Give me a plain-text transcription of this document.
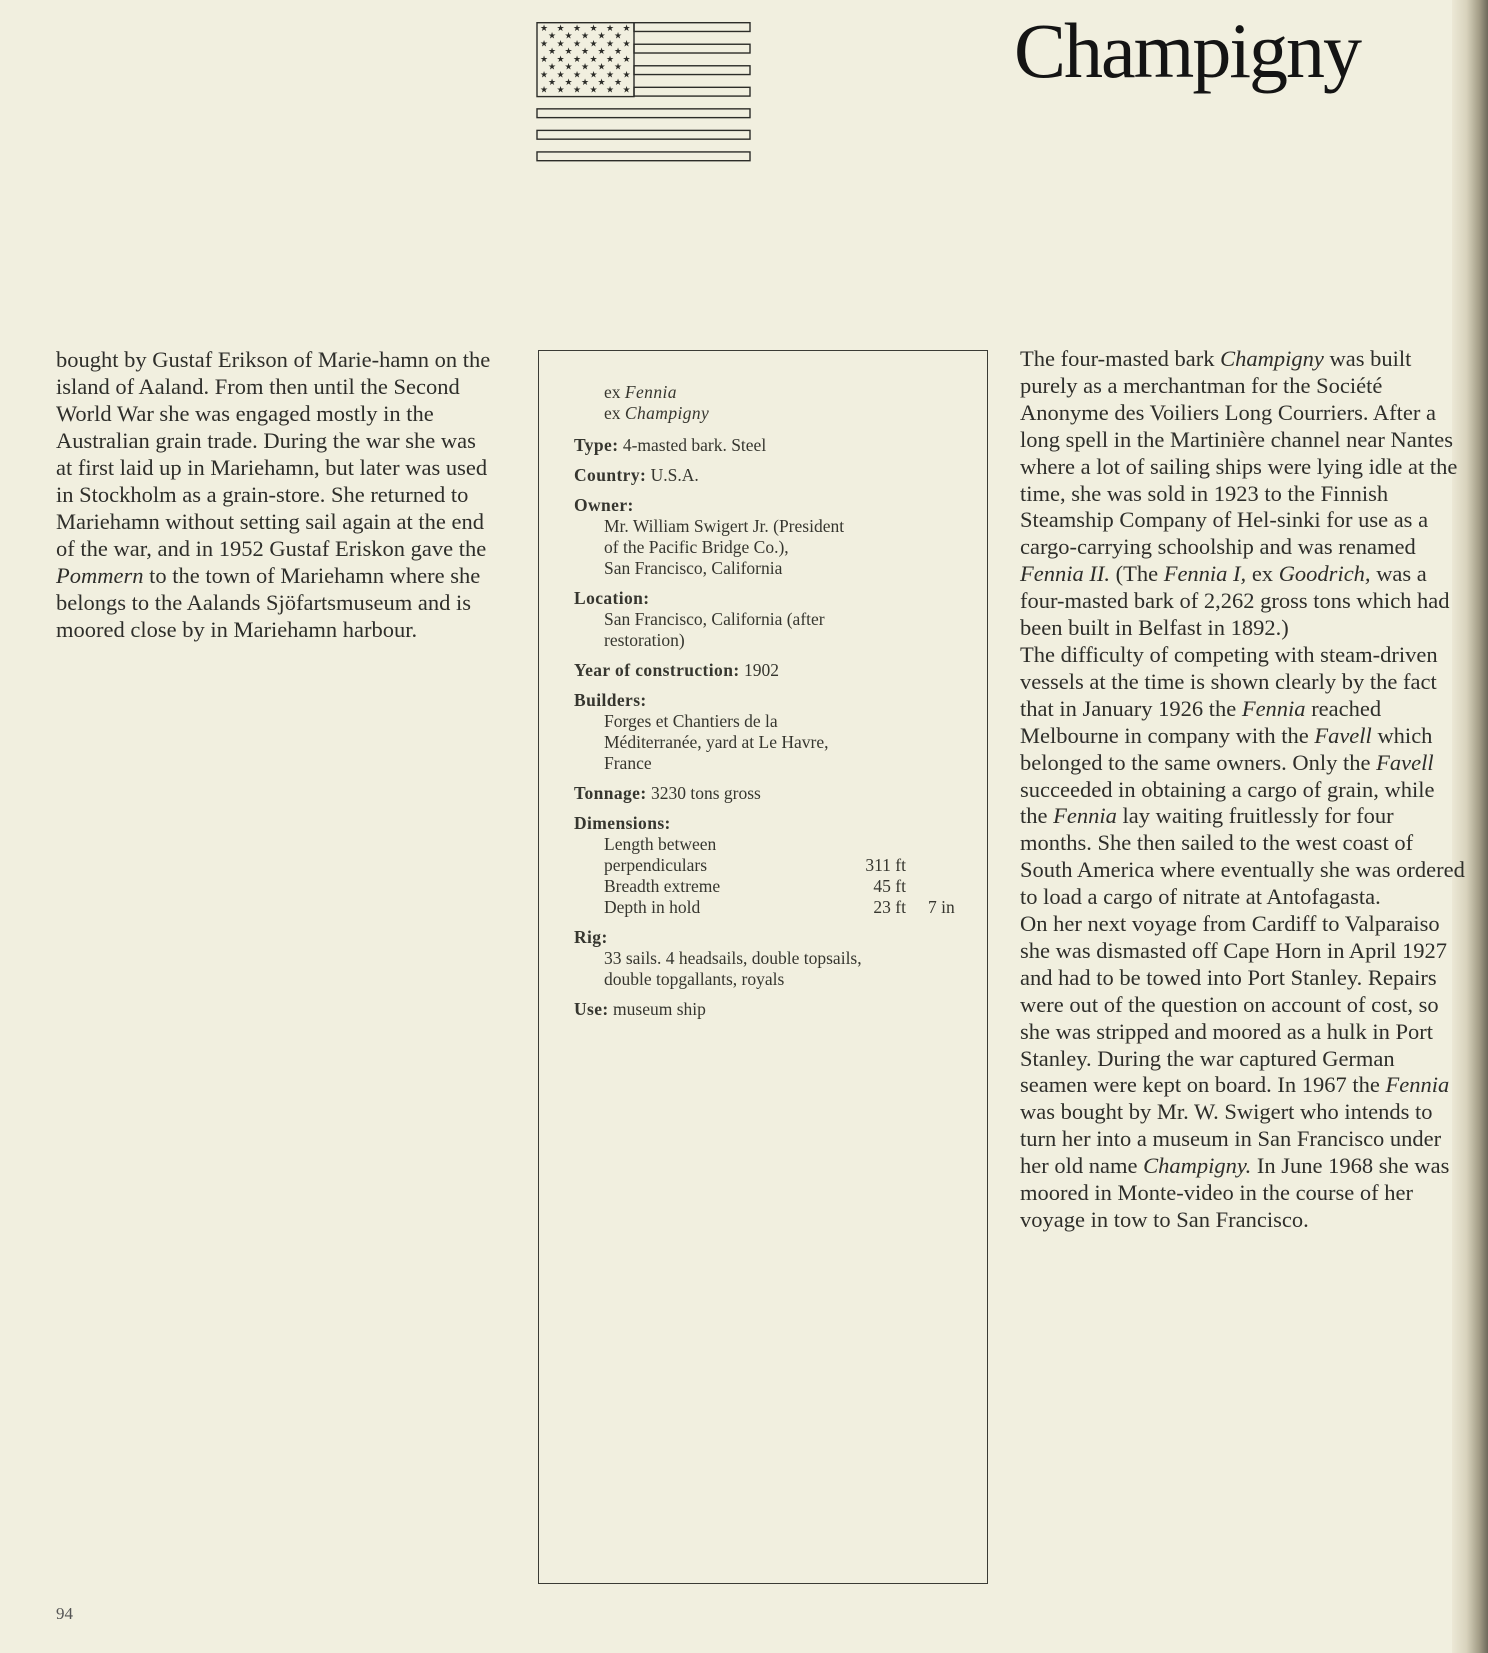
★ ★ ★ ★ ★ ★
★ ★ ★ ★ ★
★ ★ ★ ★ ★ ★
★ ★ ★ ★ ★
★ ★ ★ ★ ★ ★
★ ★ ★ ★ ★
★ ★ ★ ★ ★ ★
★ ★ ★ ★ ★
★ ★ ★ ★ ★ ★	Champigny

bought by Gustaf Erikson of Marie-hamn on the island of Aaland. From then until the Second World War she was engaged mostly in the Australian grain trade. During the war she was at first laid up in Mariehamn, but later was used in Stockholm as a grain-store. She returned to Mariehamn without setting sail again at the end of the war, and in 1952 Gustaf Eriskon gave the Pommern to the town of Mariehamn where she belongs to the Aalands Sjöfartsmuseum and is moored close by in Mariehamn harbour.

ex Fennia
ex Champigny
Type: 4-masted bark. Steel
Country: U.S.A.
Owner:
Mr. William Swigert Jr. (President
of the Pacific Bridge Co.),
San Francisco, California
Location:
San Francisco, California (after
restoration)
Year of construction: 1902
Builders:
Forges et Chantiers de la
Méditerranée, yard at Le Havre,
France
Tonnage: 3230 tons gross
Dimensions:
Length between
perpendiculars	311 ft
Breadth extreme	45 ft
Depth in hold	23 ft 7 in
Rig:
33 sails. 4 headsails, double topsails,
double topgallants, royals
Use: museum ship

The four-masted bark Champigny was built purely as a merchantman for the Société Anonyme des Voiliers Long Courriers. After a long spell in the Martinière channel near Nantes where a lot of sailing ships were lying idle at the time, she was sold in 1923 to the Finnish Steamship Company of Hel-sinki for use as a cargo-carrying schoolship and was renamed Fennia II. (The Fennia I, ex Goodrich, was a four-masted bark of 2,262 gross tons which had been built in Belfast in 1892.)

The difficulty of competing with steam-driven vessels at the time is shown clearly by the fact that in January 1926 the Fennia reached Melbourne in company with the Favell which belonged to the same owners. Only the Favell succeeded in obtaining a cargo of grain, while the Fennia lay waiting fruitlessly for four months. She then sailed to the west coast of South America where eventually she was ordered to load a cargo of nitrate at Antofagasta.

On her next voyage from Cardiff to Valparaiso she was dismasted off Cape Horn in April 1927 and had to be towed into Port Stanley. Repairs were out of the question on account of cost, so she was stripped and moored as a hulk in Port Stanley. During the war captured German seamen were kept on board. In 1967 the Fennia was bought by Mr. W. Swigert who intends to turn her into a museum in San Francisco under her old name Champigny. In June 1968 she was moored in Monte-video in the course of her voyage in tow to San Francisco.

94
